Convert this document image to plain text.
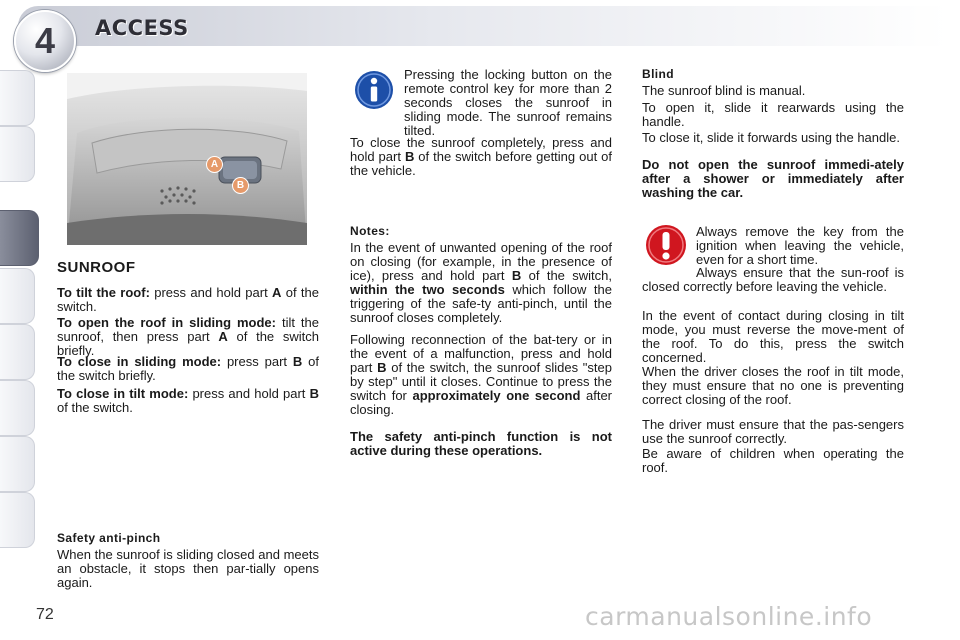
4 ACCESS
A
B
SUNROOF

To tilt the roof: press and hold part A of the switch.

To open the roof in sliding mode: tilt the sunroof, then press part A of the switch briefly.

To close in sliding mode: press part B of the switch briefly.

To close in tilt mode: press and hold part B of the switch.

Safety anti-pinch

When the sunroof is sliding closed and meets an obstacle, it stops then par-tially opens again.

Pressing the locking button on the remote control key for more than 2 seconds closes the sunroof in sliding mode. The sunroof remains tilted.

To close the sunroof completely, press and hold part B of the switch before getting out of the vehicle.

Notes:

In the event of unwanted opening of the roof on closing (for example, in the presence of ice), press and hold part B of the switch, within the two seconds which follow the triggering of the safe-ty anti-pinch, until the sunroof closes completely.

Following reconnection of the bat-tery or in the event of a malfunction, press and hold part B of the switch, the sunroof slides "step by step" until it closes. Continue to press the switch for approximately one second after closing.

The safety anti-pinch function is not active during these operations.

Blind

The sunroof blind is manual.

To open it, slide it rearwards using the handle.

To close it, slide it forwards using the handle.

Do not open the sunroof immedi-ately after a shower or immediately after washing the car.

Always remove the key from the ignition when leaving the vehicle, even for a short time.

Always ensure that the sun-roof is closed correctly before leaving the vehicle.

In the event of contact during closing in tilt mode, you must reverse the move-ment of the roof. To do this, press the switch concerned.

When the driver closes the roof in tilt mode, they must ensure that no one is preventing correct closing of the roof.

The driver must ensure that the pas-sengers use the sunroof correctly.

Be aware of children when operating the roof.

72	carmanualsonline.info
